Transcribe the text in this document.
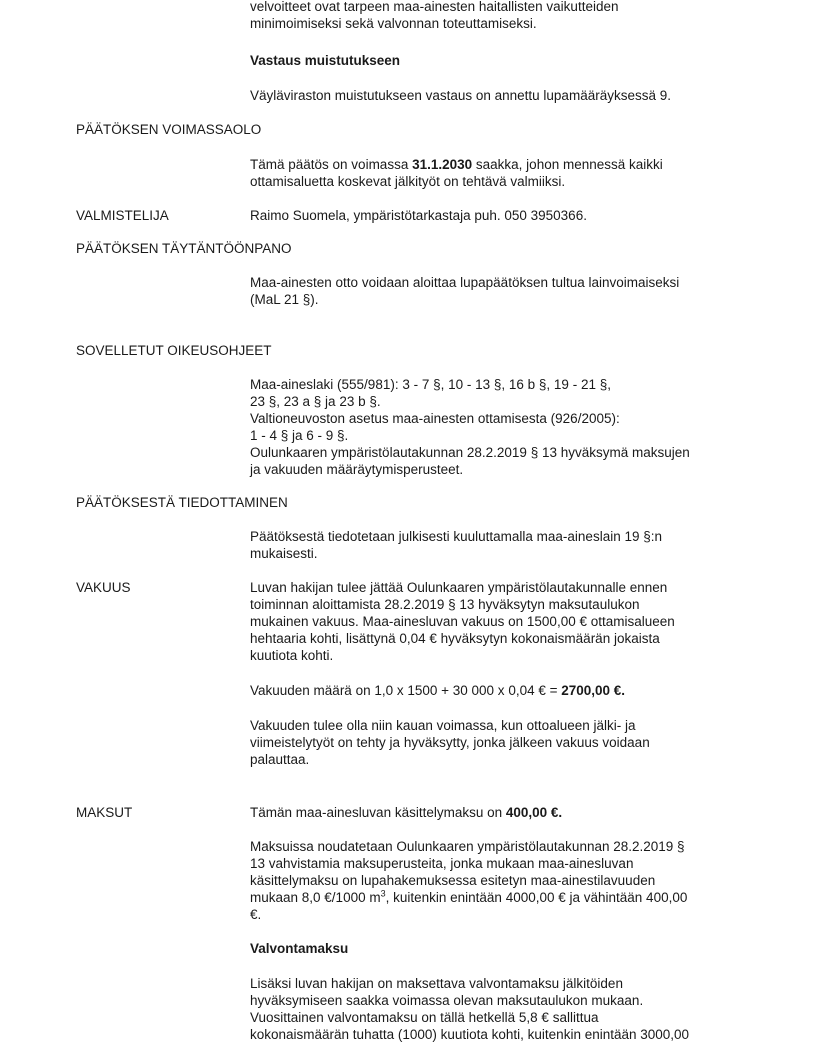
velvoitteet ovat tarpeen maa-ainesten haitallisten vaikutteiden
minimoimiseksi sekä valvonnan toteuttamiseksi.
Vastaus muistutukseen
Väyläviraston muistutukseen vastaus on annettu lupamääräyksessä 9.
PÄÄTÖKSEN VOIMASSAOLO
Tämä päätös on voimassa 31.1.2030 saakka, johon mennessä kaikki
ottamisaluetta koskevat jälkityöt on tehtävä valmiiksi.
VALMISTELIJA	Raimo Suomela, ympäristötarkastaja puh. 050 3950366.
PÄÄTÖKSEN TÄYTÄNTÖÖNPANO
Maa-ainesten otto voidaan aloittaa lupapäätöksen tultua lainvoimaiseksi
(MaL 21 §).
SOVELLETUT OIKEUSOHJEET
Maa-aineslaki (555/981): 3 - 7 §, 10 - 13 §, 16 b §, 19 - 21 §,
23 §, 23 a § ja 23 b §.
Valtioneuvoston asetus maa-ainesten ottamisesta (926/2005):
1 - 4 § ja 6 - 9 §.
Oulunkaaren ympäristölautakunnan 28.2.2019 § 13 hyväksymä maksujen
ja vakuuden määräytymisperusteet.
PÄÄTÖKSESTÄ TIEDOTTAMINEN
Päätöksestä tiedotetaan julkisesti kuuluttamalla maa-aineslain 19 §:n
mukaisesti.
VAKUUS	Luvan hakijan tulee jättää Oulunkaaren ympäristölautakunnalle ennen
toiminnan aloittamista 28.2.2019 § 13 hyväksytyn maksutaulukon
mukainen vakuus. Maa-ainesluvan vakuus on 1500,00 € ottamisalueen
hehtaaria kohti, lisättynä 0,04 € hyväksytyn kokonaismäärän jokaista
kuutiota kohti.
Vakuuden määrä on 1,0 x 1500 + 30 000 x 0,04 € = 2700,00 €.
Vakuuden tulee olla niin kauan voimassa, kun ottoalueen jälki- ja
viimeistelytyöt on tehty ja hyväksytty, jonka jälkeen vakuus voidaan
palauttaa.
MAKSUT	Tämän maa-ainesluvan käsittelymaksu on 400,00 €.
Maksuissa noudatetaan Oulunkaaren ympäristölautakunnan 28.2.2019 §
13 vahvistamia maksuperusteita, jonka mukaan maa-ainesluvan
käsittelymaksu on lupahakemuksessa esitetyn maa-ainestilavuuden
mukaan 8,0 €/1000 $m^3$, kuitenkin enintään 4000,00 € ja vähintään 400,00
€.
Valvontamaksu
Lisäksi luvan hakijan on maksettava valvontamaksu jälkitöiden
hyväksymiseen saakka voimassa olevan maksutaulukon mukaan.
Vuosittainen valvontamaksu on tällä hetkellä 5,8 € sallittua
kokonaismäärän tuhatta (1000) kuutiota kohti, kuitenkin enintään 3000,00
